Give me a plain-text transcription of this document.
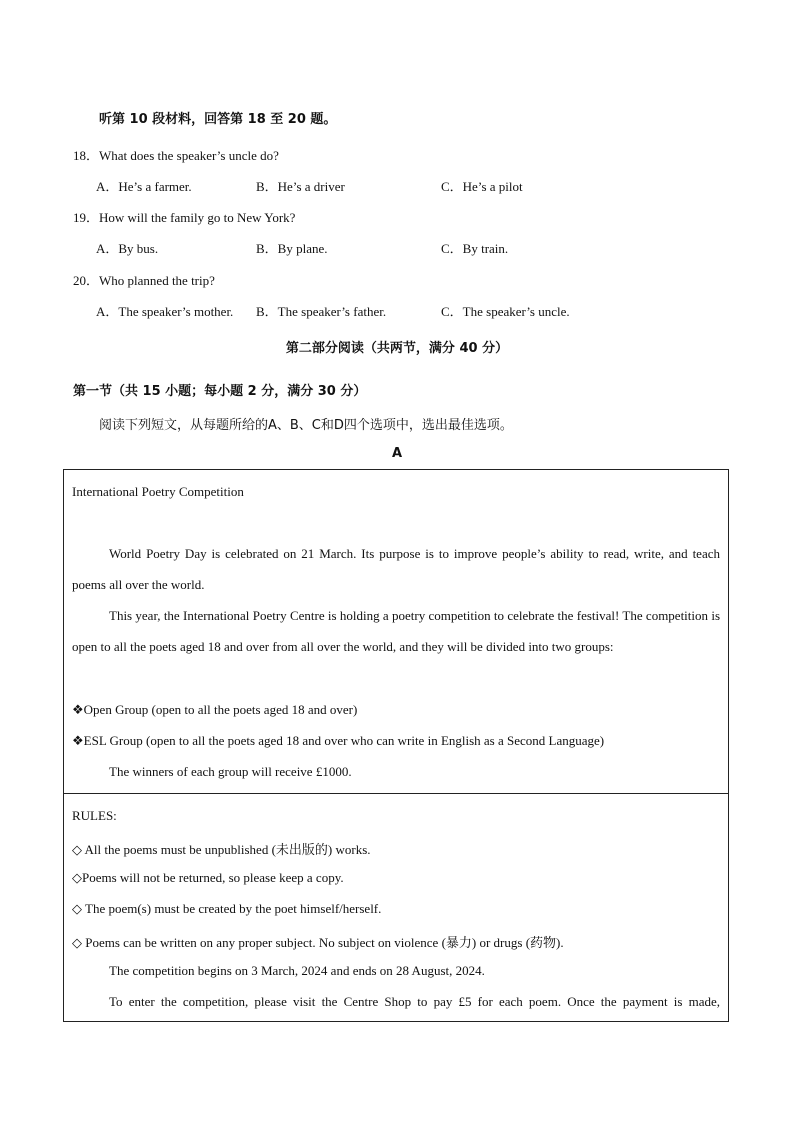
听第 10 段材料，回答第 18 至 20 题。
18．What does the speaker’s uncle do?
A．He’s a farmer.	B．He’s a driver	C．He’s a pilot
19．How will the family go to New York?
A．By bus.	B．By plane.	C．By train.
20．Who planned the trip?
A．The speaker’s mother. B．The speaker’s father.	C．The speaker’s uncle.
第二部分阅读（共两节，满分 40 分）
第一节（共 15 小题；每小题 2 分，满分 30 分）
阅读下列短文，从每题所给的A、B、C和D四个选项中，选出最佳选项。
A
International Poetry Competition
World Poetry Day is celebrated on 21 March. Its purpose is to improve people’s ability to read, write, and teach poems all over the world.
This year, the International Poetry Centre is holding a poetry competition to celebrate the festival! The competition is open to all the poets aged 18 and over from all over the world, and they will be divided into two groups:
❖Open Group (open to all the poets aged 18 and over)
❖ESL Group (open to all the poets aged 18 and over who can write in English as a Second Language)
The winners of each group will receive £1000.
RULES:
◇ All the poems must be unpublished (未出版的) works.
◇Poems will not be returned, so please keep a copy.
◇ The poem(s) must be created by the poet himself/herself.
◇ Poems can be written on any proper subject. No subject on violence (暴力) or drugs (药物).
The competition begins on 3 March, 2024 and ends on 28 August, 2024.
To enter the competition, please visit the Centre Shop to pay £5 for each poem. Once the payment is made,
